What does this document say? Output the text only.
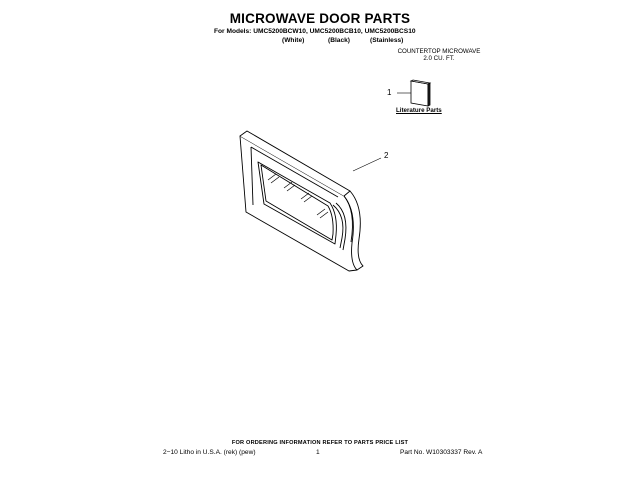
MICROWAVE DOOR PARTS
For Models: UMC5200BCW10, UMC5200BCB10, UMC5200BCS10
(White)	(Black)	(Stainless)
COUNTERTOP MICROWAVE
2.0 CU. FT.
1
2
Literature Parts
FOR ORDERING INFORMATION REFER TO PARTS PRICE LIST
2−10 Litho in U.S.A. (rek) (pew)	1	Part No. W10303337 Rev. A
